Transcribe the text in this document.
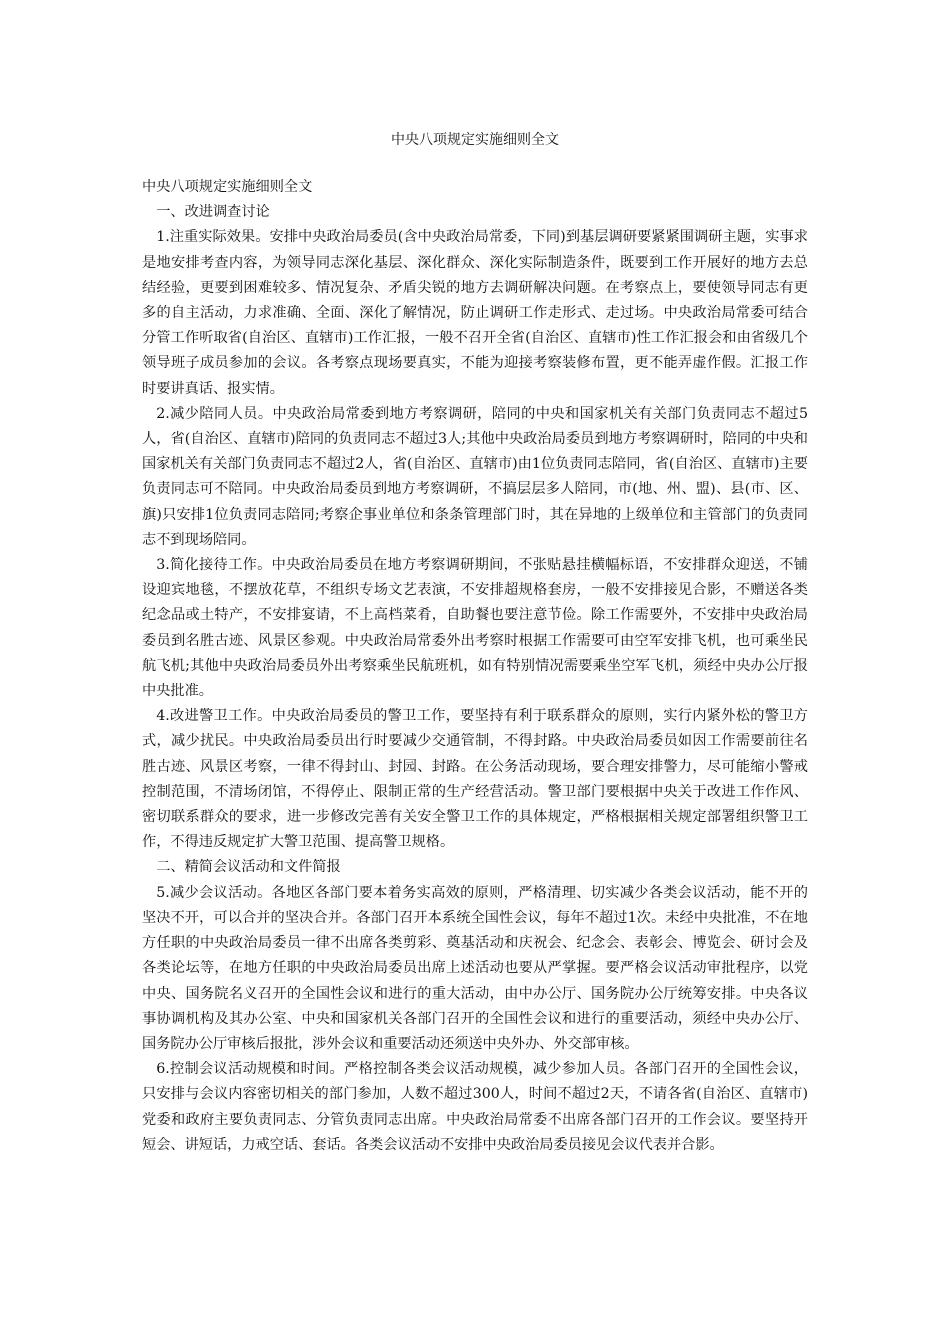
中央八项规定实施细则全文

中央八项规定实施细则全文

一、改进调查讨论

1.注重实际效果。安排中央政治局委员(含中央政治局常委，下同)到基层调研要紧紧围调研主题，实事求是地安排考查内容，为领导同志深化基层、深化群众、深化实际制造条件，既要到工作开展好的地方去总结经验，更要到困难较多、情况复杂、矛盾尖锐的地方去调研解决问题。在考察点上，要使领导同志有更多的自主活动，力求准确、全面、深化了解情况，防止调研工作走形式、走过场。中央政治局常委可结合分管工作听取省(自治区、直辖市)工作汇报，一般不召开全省(自治区、直辖市)性工作汇报会和由省级几个领导班子成员参加的会议。各考察点现场要真实，不能为迎接考察装修布置，更不能弄虚作假。汇报工作时要讲真话、报实情。

2.减少陪同人员。中央政治局常委到地方考察调研，陪同的中央和国家机关有关部门负责同志不超过5人，省(自治区、直辖市)陪同的负责同志不超过3人;其他中央政治局委员到地方考察调研时，陪同的中央和国家机关有关部门负责同志不超过2人，省(自治区、直辖市)由1位负责同志陪同，省(自治区、直辖市)主要负责同志可不陪同。中央政治局委员到地方考察调研，不搞层层多人陪同，市(地、州、盟)、县(市、区、旗)只安排1位负责同志陪同;考察企事业单位和条条管理部门时，其在异地的上级单位和主管部门的负责同志不到现场陪同。

3.简化接待工作。中央政治局委员在地方考察调研期间，不张贴悬挂横幅标语，不安排群众迎送，不铺设迎宾地毯，不摆放花草，不组织专场文艺表演，不安排超规格套房，一般不安排接见合影，不赠送各类纪念品或土特产，不安排宴请，不上高档菜肴，自助餐也要注意节俭。除工作需要外，不安排中央政治局委员到名胜古迹、风景区参观。中央政治局常委外出考察时根据工作需要可由空军安排飞机，也可乘坐民航飞机;其他中央政治局委员外出考察乘坐民航班机，如有特别情况需要乘坐空军飞机，须经中央办公厅报中央批准。

4.改进警卫工作。中央政治局委员的警卫工作，要坚持有利于联系群众的原则，实行内紧外松的警卫方式，减少扰民。中央政治局委员出行时要减少交通管制，不得封路。中央政治局委员如因工作需要前往名胜古迹、风景区考察，一律不得封山、封园、封路。在公务活动现场，要合理安排警力，尽可能缩小警戒控制范围，不清场闭馆，不得停止、限制正常的生产经营活动。警卫部门要根据中央关于改进工作作风、密切联系群众的要求，进一步修改完善有关安全警卫工作的具体规定，严格根据相关规定部署组织警卫工作，不得违反规定扩大警卫范围、提高警卫规格。

二、精简会议活动和文件简报

5.减少会议活动。各地区各部门要本着务实高效的原则，严格清理、切实减少各类会议活动，能不开的坚决不开，可以合并的坚决合并。各部门召开本系统全国性会议，每年不超过1次。未经中央批准，不在地方任职的中央政治局委员一律不出席各类剪彩、奠基活动和庆祝会、纪念会、表彰会、博览会、研讨会及各类论坛等，在地方任职的中央政治局委员出席上述活动也要从严掌握。要严格会议活动审批程序，以党中央、国务院名义召开的全国性会议和进行的重大活动，由中办公厅、国务院办公厅统筹安排。中央各议事协调机构及其办公室、中央和国家机关各部门召开的全国性会议和进行的重要活动，须经中央办公厅、国务院办公厅审核后报批，涉外会议和重要活动还须送中央外办、外交部审核。

6.控制会议活动规模和时间。严格控制各类会议活动规模，减少参加人员。各部门召开的全国性会议，只安排与会议内容密切相关的部门参加，人数不超过300人，时间不超过2天，不请各省(自治区、直辖市)党委和政府主要负责同志、分管负责同志出席。中央政治局常委不出席各部门召开的工作会议。要坚持开短会、讲短话，力戒空话、套话。各类会议活动不安排中央政治局委员接见会议代表并合影。
